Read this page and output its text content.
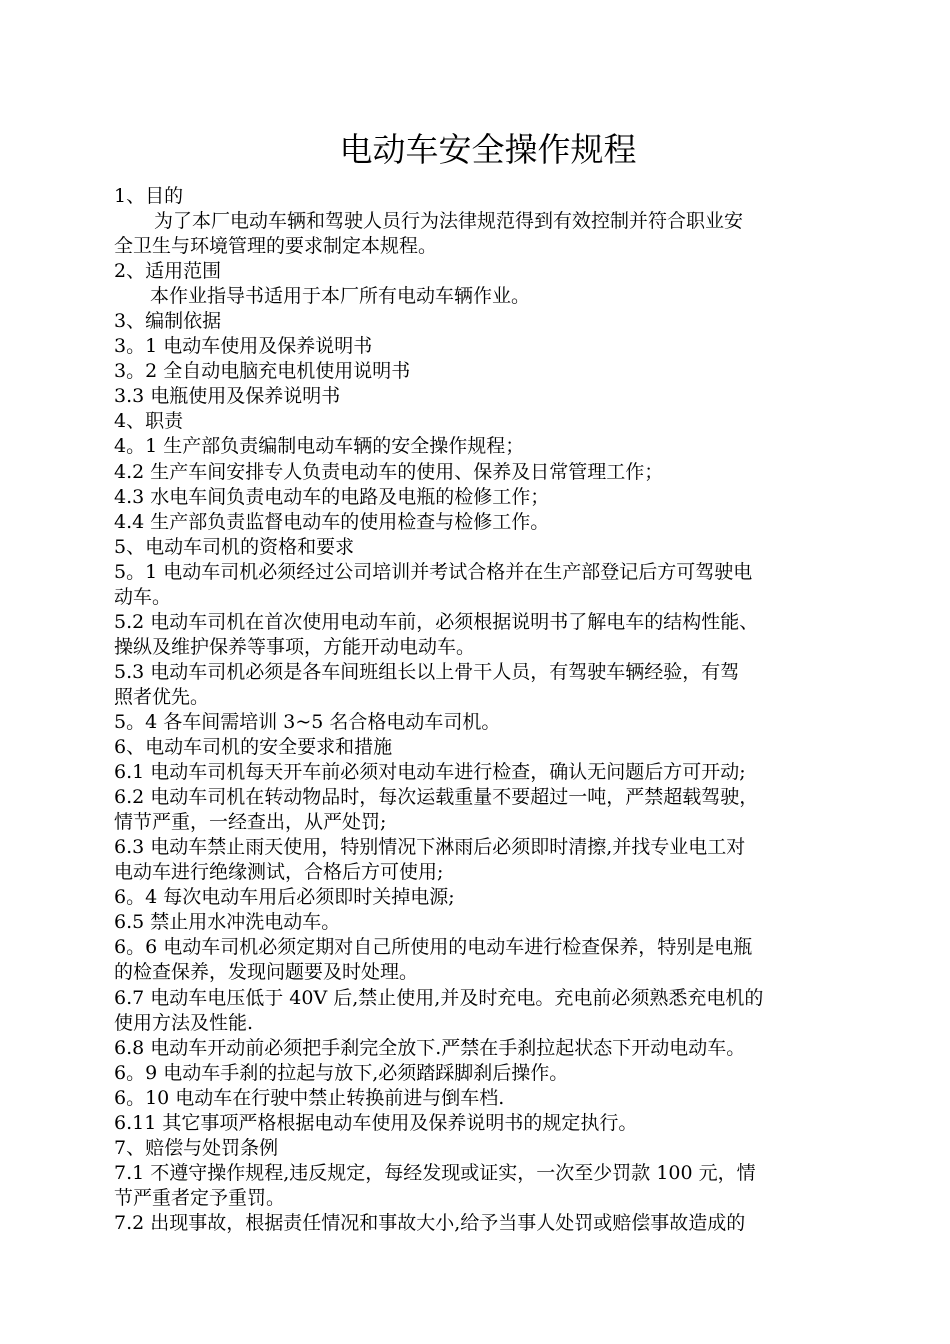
电动车安全操作规程

1、目的

为了本厂电动车辆和驾驶人员行为法律规范得到有效控制并符合职业安

全卫生与环境管理的要求制定本规程。

2、适用范围

本作业指导书适用于本厂所有电动车辆作业。

3、编制依据

3。1 电动车使用及保养说明书

3。2 全自动电脑充电机使用说明书

3.3 电瓶使用及保养说明书

4、职责

4。1 生产部负责编制电动车辆的安全操作规程；

4.2 生产车间安排专人负责电动车的使用、保养及日常管理工作；

4.3 水电车间负责电动车的电路及电瓶的检修工作；

4.4 生产部负责监督电动车的使用检查与检修工作。

5、电动车司机的资格和要求

5。1 电动车司机必须经过公司培训并考试合格并在生产部登记后方可驾驶电

动车。

5.2 电动车司机在首次使用电动车前，必须根据说明书了解电车的结构性能、

操纵及维护保养等事项，方能开动电动车。

5.3 电动车司机必须是各车间班组长以上骨干人员，有驾驶车辆经验，有驾

照者优先。

5。4 各车间需培训 3~5 名合格电动车司机。

6、电动车司机的安全要求和措施

6.1 电动车司机每天开车前必须对电动车进行检查，确认无问题后方可开动;

6.2 电动车司机在转动物品时，每次运载重量不要超过一吨，严禁超载驾驶，

情节严重，一经查出，从严处罚;

6.3 电动车禁止雨天使用，特别情况下淋雨后必须即时清擦,并找专业电工对

电动车进行绝缘测试，合格后方可使用;

6。4 每次电动车用后必须即时关掉电源;

6.5 禁止用水冲洗电动车。

6。6 电动车司机必须定期对自己所使用的电动车进行检查保养，特别是电瓶

的检查保养，发现问题要及时处理。

6.7 电动车电压低于 40V 后,禁止使用,并及时充电。充电前必须熟悉充电机的

使用方法及性能.

6.8 电动车开动前必须把手刹完全放下.严禁在手刹拉起状态下开动电动车。

6。9 电动车手刹的拉起与放下,必须踏踩脚刹后操作。

6。10 电动车在行驶中禁止转换前进与倒车档.

6.11 其它事项严格根据电动车使用及保养说明书的规定执行。

7、赔偿与处罚条例

7.1 不遵守操作规程,违反规定，每经发现或证实，一次至少罚款 100 元，情

节严重者定予重罚。

7.2 出现事故，根据责任情况和事故大小,给予当事人处罚或赔偿事故造成的
